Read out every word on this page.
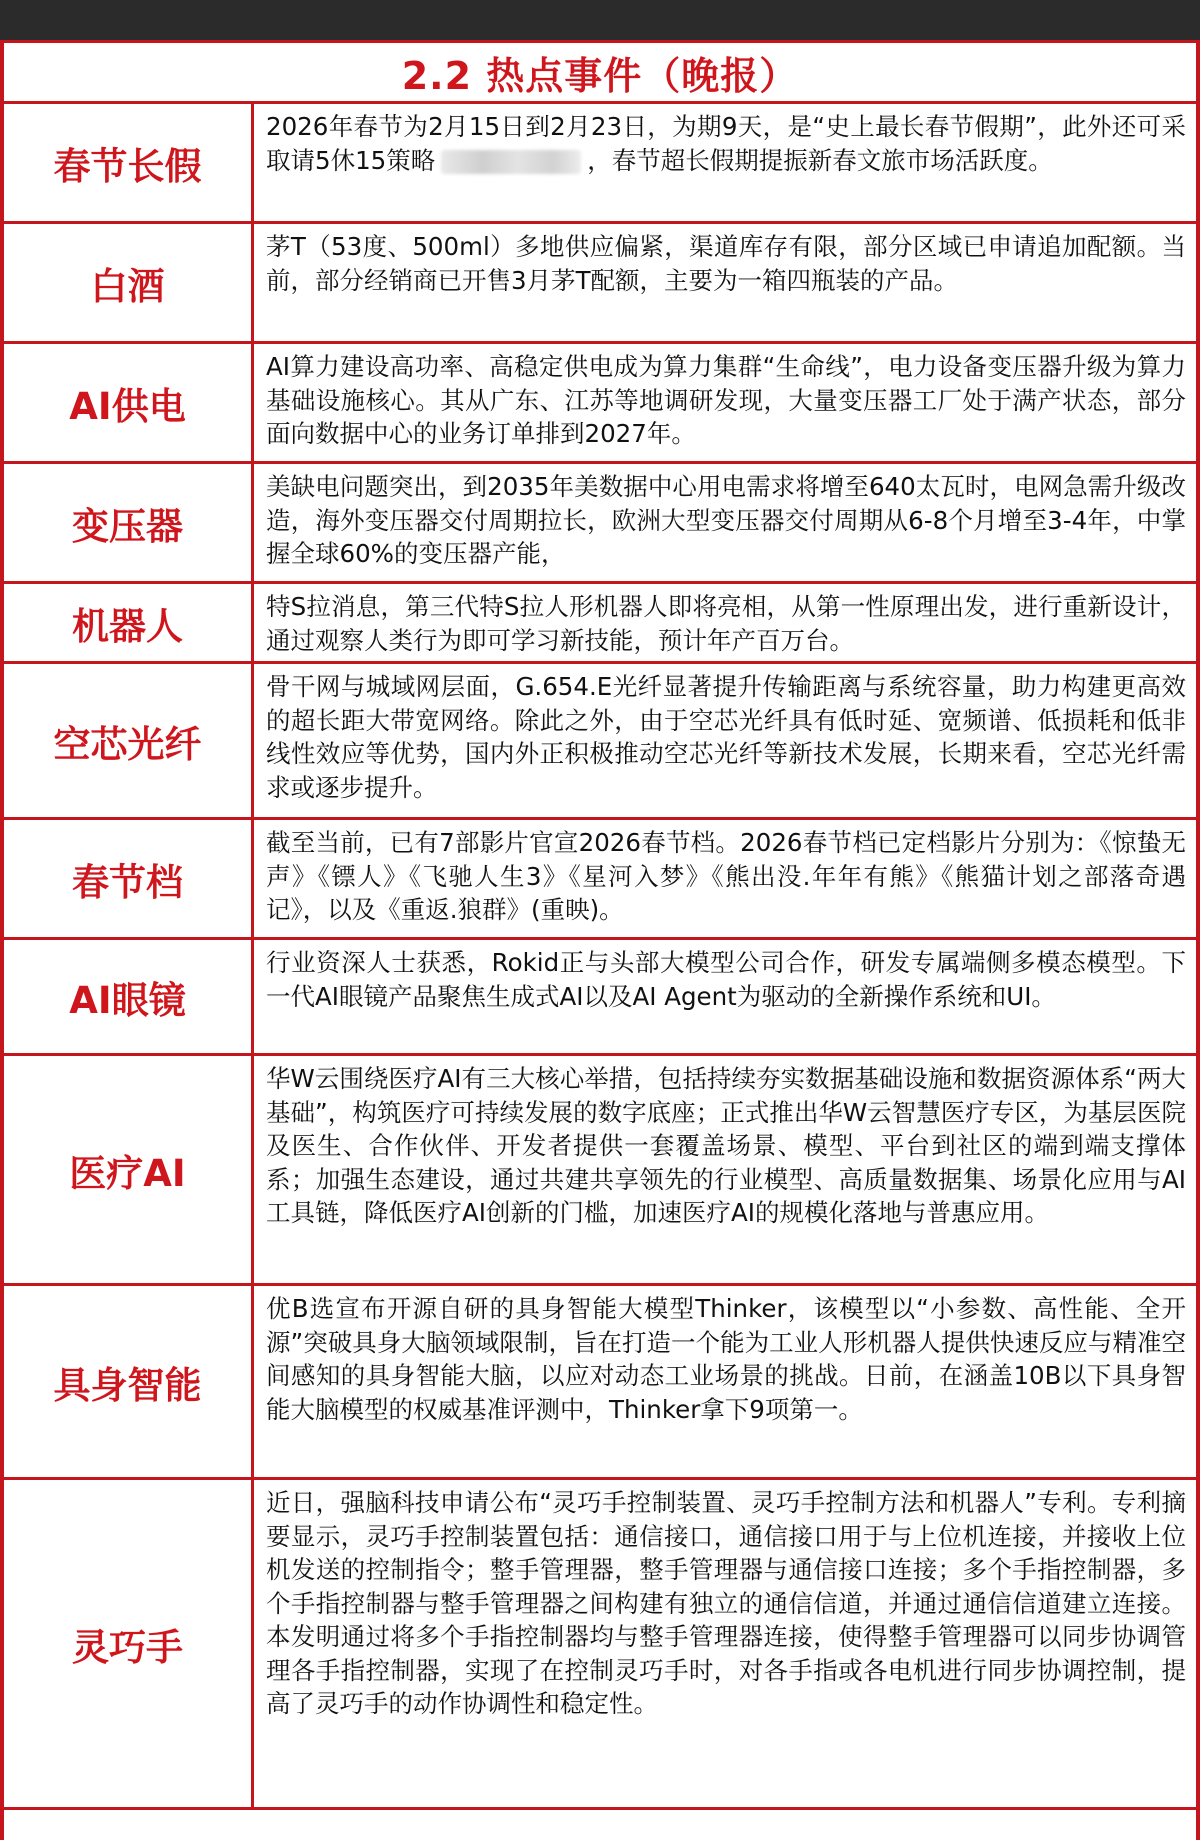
2.2 热点事件（晚报）
春节长假
2026年春节为2月15日到2月23日，为期9天，是“史上最长春节假期”，此外还可采取请5休15策略	，春节超长假期提振新春文旅市场活跃度。
白酒
茅T（53度、500ml）多地供应偏紧，渠道库存有限，部分区域已申请追加配额。当前，部分经销商已开售3月茅T配额，主要为一箱四瓶装的产品。
AI供电
AI算力建设高功率、高稳定供电成为算力集群“生命线”，电力设备变压器升级为算力基础设施核心。其从广东、江苏等地调研发现，大量变压器工厂处于满产状态，部分面向数据中心的业务订单排到2027年。
变压器
美缺电问题突出，到2035年美数据中心用电需求将增至640太瓦时，电网急需升级改造，海外变压器交付周期拉长，欧洲大型变压器交付周期从6-8个月增至3-4年，中掌握全球60%的变压器产能，
机器人	特S拉消息，第三代特S拉人形机器人即将亮相，从第一性原理出发，进行重新设计，通过观察人类行为即可学习新技能，预计年产百万台。
空芯光纤
骨干网与城域网层面，G.654.E光纤显著提升传输距离与系统容量，助力构建更高效的超长距大带宽网络。除此之外，由于空芯光纤具有低时延、宽频谱、低损耗和低非线性效应等优势，国内外正积极推动空芯光纤等新技术发展，长期来看，空芯光纤需求或逐步提升。
春节档
截至当前，已有7部影片官宣2026春节档。2026春节档已定档影片分别为：《惊蛰无声》《镖人》《飞驰人生3》《星河入梦》《熊出没.年年有熊》《熊猫计划之部落奇遇记》，以及《重返.狼群》(重映)。
AI眼镜
行业资深人士获悉，Rokid正与头部大模型公司合作，研发专属端侧多模态模型。下一代AI眼镜产品聚焦生成式AI以及AI Agent为驱动的全新操作系统和UI。
医疗AI
华W云围绕医疗AI有三大核心举措，包括持续夯实数据基础设施和数据资源体系“两大基础”，构筑医疗可持续发展的数字底座；正式推出华W云智慧医疗专区，为基层医院及医生、合作伙伴、开发者提供一套覆盖场景、模型、平台到社区的端到端支撑体系；加强生态建设，通过共建共享领先的行业模型、高质量数据集、场景化应用与AI工具链，降低医疗AI创新的门槛，加速医疗AI的规模化落地与普惠应用。
具身智能
优B选宣布开源自研的具身智能大模型Thinker，该模型以“小参数、高性能、全开源”突破具身大脑领域限制，旨在打造一个能为工业人形机器人提供快速反应与精准空间感知的具身智能大脑，以应对动态工业场景的挑战。日前，在涵盖10B以下具身智能大脑模型的权威基准评测中，Thinker拿下9项第一。
灵巧手
近日，强脑科技申请公布“灵巧手控制装置、灵巧手控制方法和机器人”专利。专利摘要显示，灵巧手控制装置包括：通信接口，通信接口用于与上位机连接，并接收上位机发送的控制指令；整手管理器，整手管理器与通信接口连接；多个手指控制器，多个手指控制器与整手管理器之间构建有独立的通信信道，并通过通信信道建立连接。本发明通过将多个手指控制器均与整手管理器连接，使得整手管理器可以同步协调管理各手指控制器，实现了在控制灵巧手时，对各手指或各电机进行同步协调控制，提高了灵巧手的动作协调性和稳定性。
